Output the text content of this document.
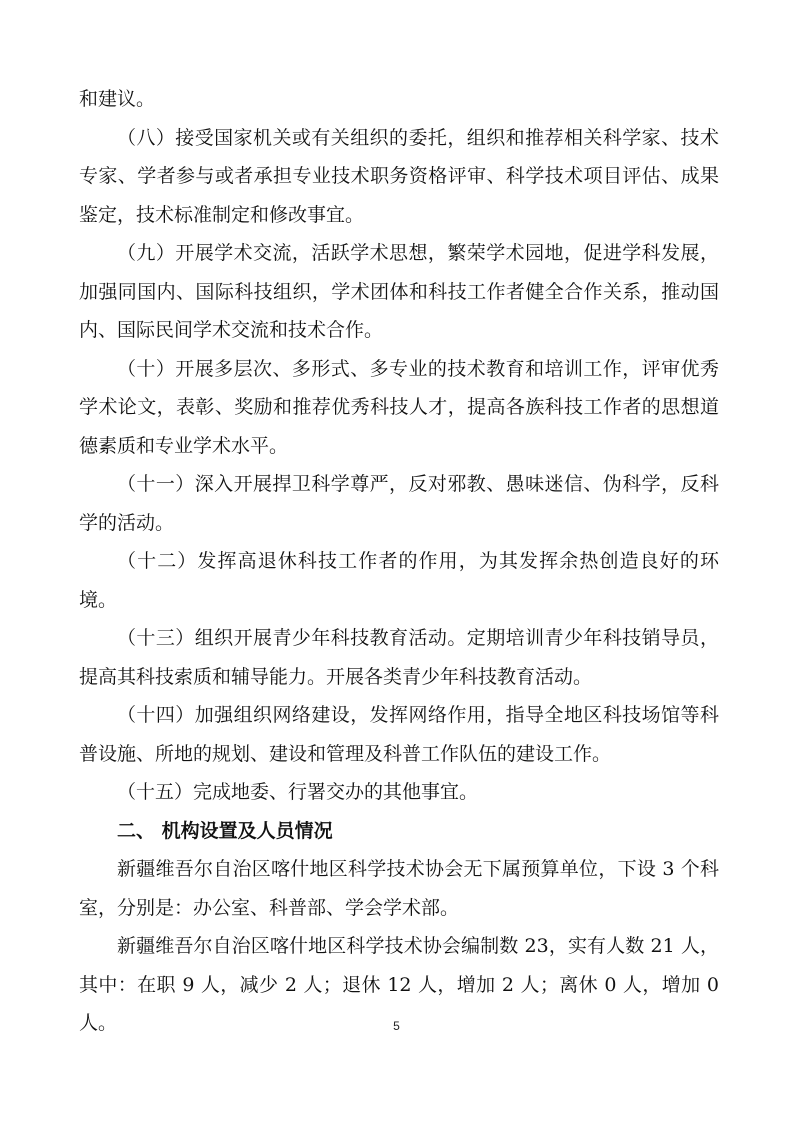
和建议。

（八）接受国家机关或有关组织的委托，组织和推荐相关科学家、技术专家、学者参与或者承担专业技术职务资格评审、科学技术项目评估、成果鉴定，技术标准制定和修改事宜。

（九）开展学术交流，活跃学术思想，繁荣学术园地，促进学科发展，加强同国内、国际科技组织，学术团体和科技工作者健全合作关系，推动国内、国际民间学术交流和技术合作。

（十）开展多层次、多形式、多专业的技术教育和培训工作，评审优秀学术论文，表彰、奖励和推荐优秀科技人才，提高各族科技工作者的思想道德素质和专业学术水平。

（十一）深入开展捍卫科学尊严，反对邪教、愚味迷信、伪科学，反科学的活动。

（十二）发挥高退休科技工作者的作用，为其发挥余热创造良好的环境。

（十三）组织开展青少年科技教育活动。定期培训青少年科技销导员，提高其科技索质和辅导能力。开展各类青少年科技教育活动。

（十四）加强组织网络建设，发挥网络作用，指导全地区科技场馆等科普设施、所地的规划、建设和管理及科普工作队伍的建设工作。

（十五）完成地委、行署交办的其他事宜。

二、 机构设置及人员情况

新疆维吾尔自治区喀什地区科学技术协会无下属预算单位，下设 3 个科室，分别是：办公室、科普部、学会学术部。

新疆维吾尔自治区喀什地区科学技术协会编制数 23，实有人数 21 人，其中：在职 9 人，减少 2 人；退休 12 人，增加 2 人；离休 0 人，增加 0 人。	5
